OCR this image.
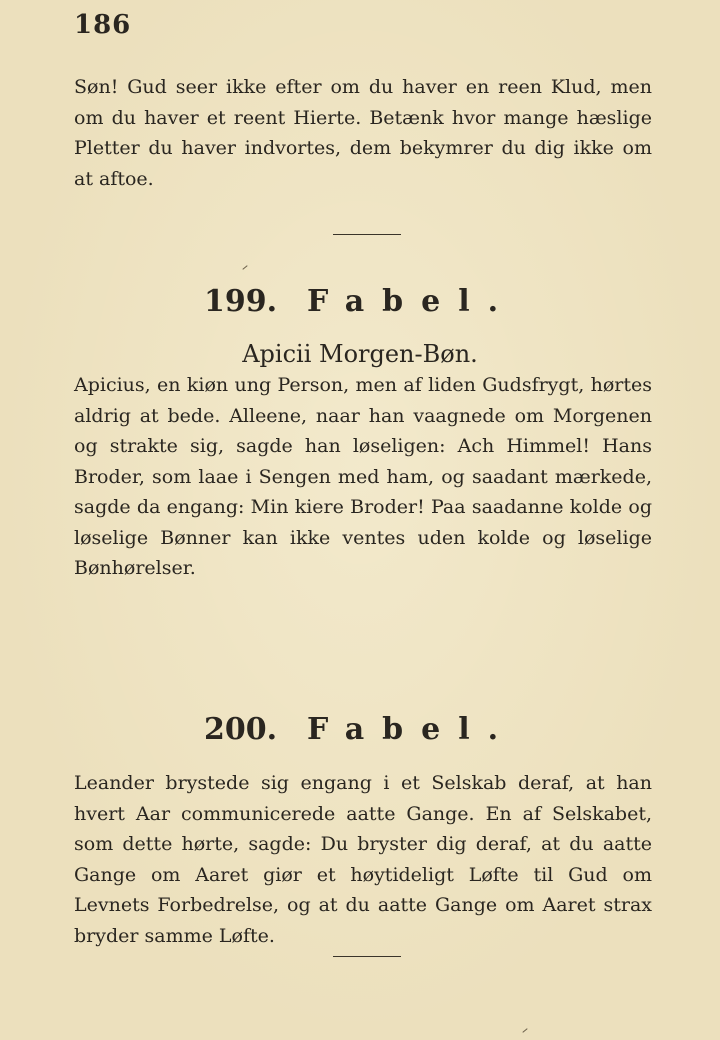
186

Søn! Gud seer ikke efter om du haver en reen Klud, men om du haver et reent Hierte. Betænk hvor mange hæslige Pletter du haver indvortes, dem bekymrer du dig ikke om at aftoe.

199. Fabel.
Apicii Morgen-Bøn.

Apicius, en kiøn ung Person, men af liden Gudsfrygt, hørtes aldrig at bede. Alleene, naar han vaagnede om Morgenen og strakte sig, sagde han løseligen: Ach Himmel! Hans Broder, som laae i Sengen med ham, og saadant mærkede, sagde da engang: Min kiere Broder! Paa saadanne kolde og løselige Bønner kan ikke ventes uden kolde og løselige Bønhørelser.

200. Fabel.

Leander brystede sig engang i et Selskab deraf, at han hvert Aar communicerede aatte Gange. En af Selskabet, som dette hørte, sagde: Du bryster dig deraf, at du aatte Gange om Aaret giør et høytideligt Løfte til Gud om Levnets Forbedrelse, og at du aatte Gange om Aaret strax bryder samme Løfte.
